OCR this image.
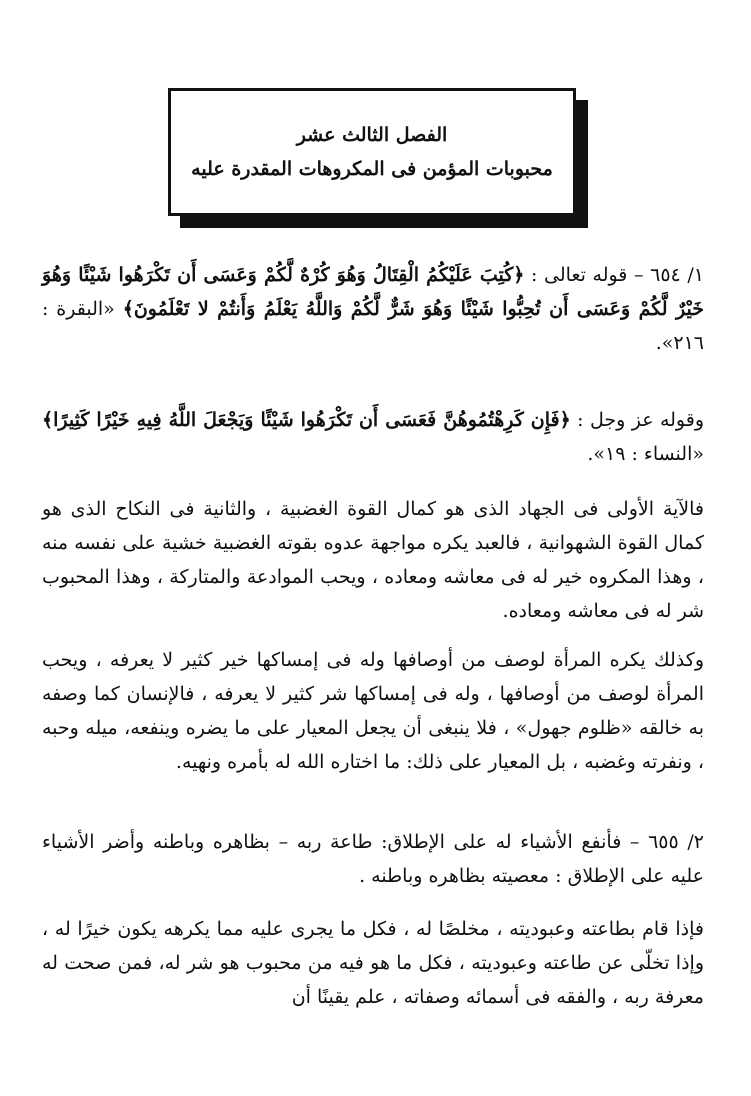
الفصل الثالث عشر
محبوبات المؤمن فى المكروهات المقدرة عليه

١/ ٦٥٤ – قوله تعالى : ﴿كُتِبَ عَلَيْكُمُ الْقِتَالُ وَهُوَ كُرْهٌ لَّكُمْ وَعَسَى أَن تَكْرَهُوا شَيْئًا وَهُوَ خَيْرٌ لَّكُمْ وَعَسَى أَن تُحِبُّوا شَيْئًا وَهُوَ شَرٌّ لَّكُمْ وَاللَّهُ يَعْلَمُ وَأَنتُمْ لا تَعْلَمُونَ﴾ «البقرة : ٢١٦».

وقوله عز وجل : ﴿فَإِن كَرِهْتُمُوهُنَّ فَعَسَى أَن تَكْرَهُوا شَيْئًا وَيَجْعَلَ اللَّهُ فِيهِ خَيْرًا كَثِيرًا﴾ «النساء : ١٩».

فالآية الأولى فى الجهاد الذى هو كمال القوة الغضبية ، والثانية فى النكاح الذى هو كمال القوة الشهوانية ، فالعبد يكره مواجهة عدوه بقوته الغضبية خشية على نفسه منه ، وهذا المكروه خير له فى معاشه ومعاده ، ويحب الموادعة والمتاركة ، وهذا المحبوب شر له فى معاشه ومعاده.

وكذلك يكره المرأة لوصف من أوصافها وله فى إمساكها خير كثير لا يعرفه ، ويحب المرأة لوصف من أوصافها ، وله فى إمساكها شر كثير لا يعرفه ، فالإنسان كما وصفه به خالقه «ظلوم جهول» ، فلا ينبغى أن يجعل المعيار على ما يضره وينفعه، ميله وحبه ، ونفرته وغضبه ، بل المعيار على ذلك: ما اختاره الله له بأمره ونهيه.

٢/ ٦٥٥ – فأنفع الأشياء له على الإطلاق: طاعة ربه – بظاهره وباطنه وأضر الأشياء عليه على الإطلاق : معصيته بظاهره وباطنه .

فإذا قام بطاعته وعبوديته ، مخلصًا له ، فكل ما يجرى عليه مما يكرهه يكون خيرًا له ، وإذا تخلّى عن طاعته وعبوديته ، فكل ما هو فيه من محبوب هو شر له، فمن صحت له معرفة ربه ، والفقه فى أسمائه وصفاته ، علم يقينًا أن
